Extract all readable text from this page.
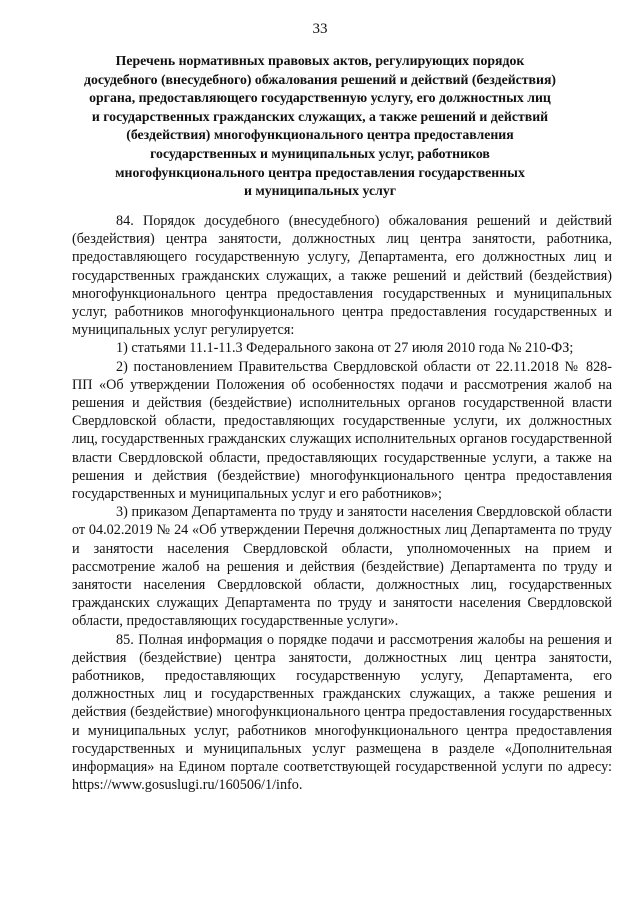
33
Перечень нормативных правовых актов, регулирующих порядок
досудебного (внесудебного) обжалования решений и действий (бездействия)
органа, предоставляющего государственную услугу, его должностных лиц
и государственных гражданских служащих, а также решений и действий
(бездействия) многофункционального центра предоставления
государственных и муниципальных услуг, работников
многофункционального центра предоставления государственных
и муниципальных услуг

84. Порядок досудебного (внесудебного) обжалования решений и действий (бездействия) центра занятости, должностных лиц центра занятости, работника, предоставляющего государственную услугу, Департамента, его должностных лиц и государственных гражданских служащих, а также решений и действий (бездействия) многофункционального центра предоставления государственных и муниципальных услуг, работников многофункционального центра предоставления государственных и муниципальных услуг регулируется:

1) статьями 11.1-11.3 Федерального закона от 27 июля 2010 года № 210-ФЗ;

2) постановлением Правительства Свердловской области от 22.11.2018 № 828-ПП «Об утверждении Положения об особенностях подачи и рассмотрения жалоб на решения и действия (бездействие) исполнительных органов государственной власти Свердловской области, предоставляющих государственные услуги, их должностных лиц, государственных гражданских служащих исполнительных органов государственной власти Свердловской области, предоставляющих государственные услуги, а также на решения и действия (бездействие) многофункционального центра предоставления государственных и муниципальных услуг и его работников»;

3) приказом Департамента по труду и занятости населения Свердловской области от 04.02.2019 № 24 «Об утверждении Перечня должностных лиц Департамента по труду и занятости населения Свердловской области, уполномоченных на прием и рассмотрение жалоб на решения и действия (бездействие) Департамента по труду и занятости населения Свердловской области, должностных лиц, государственных гражданских служащих Департамента по труду и занятости населения Свердловской области, предоставляющих государственные услуги».

85. Полная информация о порядке подачи и рассмотрения жалобы на решения и действия (бездействие) центра занятости, должностных лиц центра занятости, работников, предоставляющих государственную услугу, Департамента, его должностных лиц и государственных гражданских служащих, а также решения и действия (бездействие) многофункционального центра предоставления государственных и муниципальных услуг, работников многофункционального центра предоставления государственных и муниципальных услуг размещена в разделе «Дополнительная информация» на Едином портале соответствующей государственной услуги по адресу: https://www.gosuslugi.ru/160506/1/info.
